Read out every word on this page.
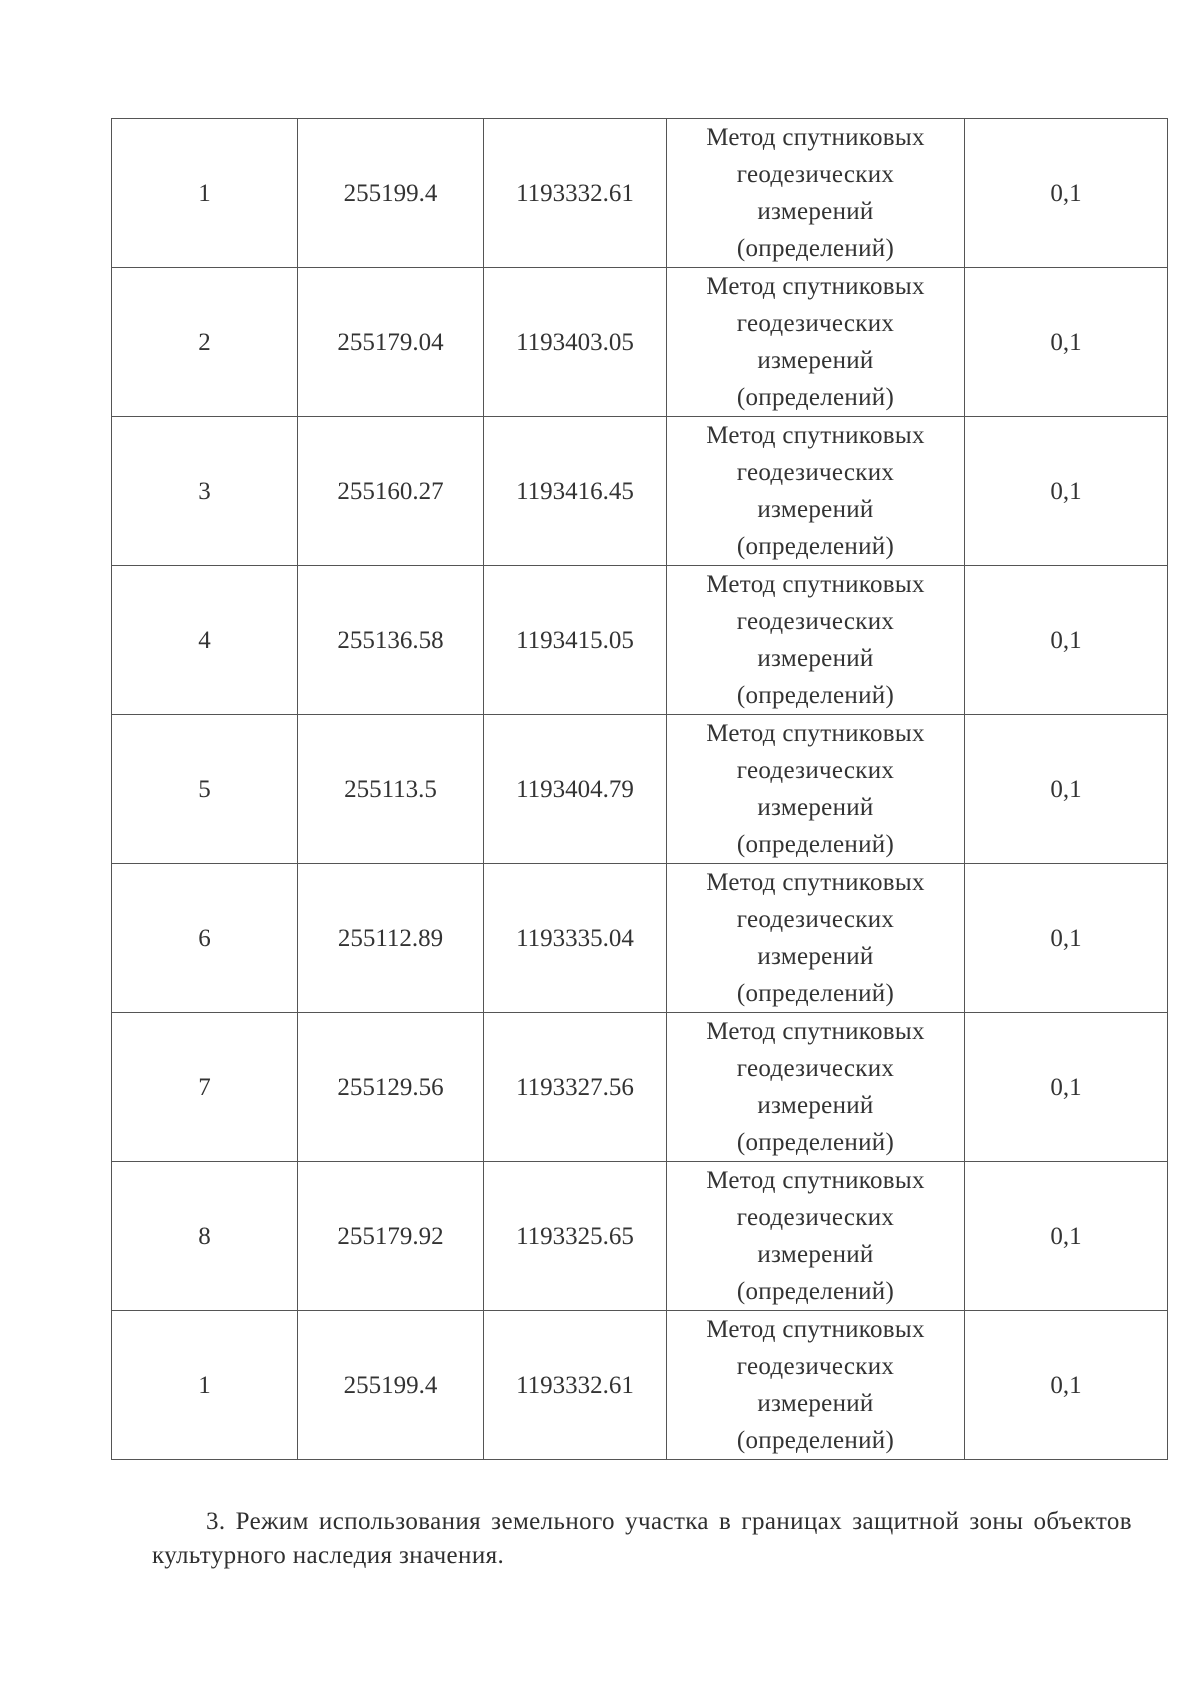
1	255199.4	1193332.61	Метод спутниковых
геодезических
измерений
(определений)	0,1
2	255179.04	1193403.05	Метод спутниковых
геодезических
измерений
(определений)	0,1
3	255160.27	1193416.45	Метод спутниковых
геодезических
измерений
(определений)	0,1
4	255136.58	1193415.05	Метод спутниковых
геодезических
измерений
(определений)	0,1
5	255113.5	1193404.79	Метод спутниковых
геодезических
измерений
(определений)	0,1
6	255112.89	1193335.04	Метод спутниковых
геодезических
измерений
(определений)	0,1
7	255129.56	1193327.56	Метод спутниковых
геодезических
измерений
(определений)	0,1
8	255179.92	1193325.65	Метод спутниковых
геодезических
измерений
(определений)	0,1
1	255199.4	1193332.61	Метод спутниковых
геодезических
измерений
(определений)	0,1
3. Режим использования земельного участка в границах защитной зоны объектов культурного наследия значения.
